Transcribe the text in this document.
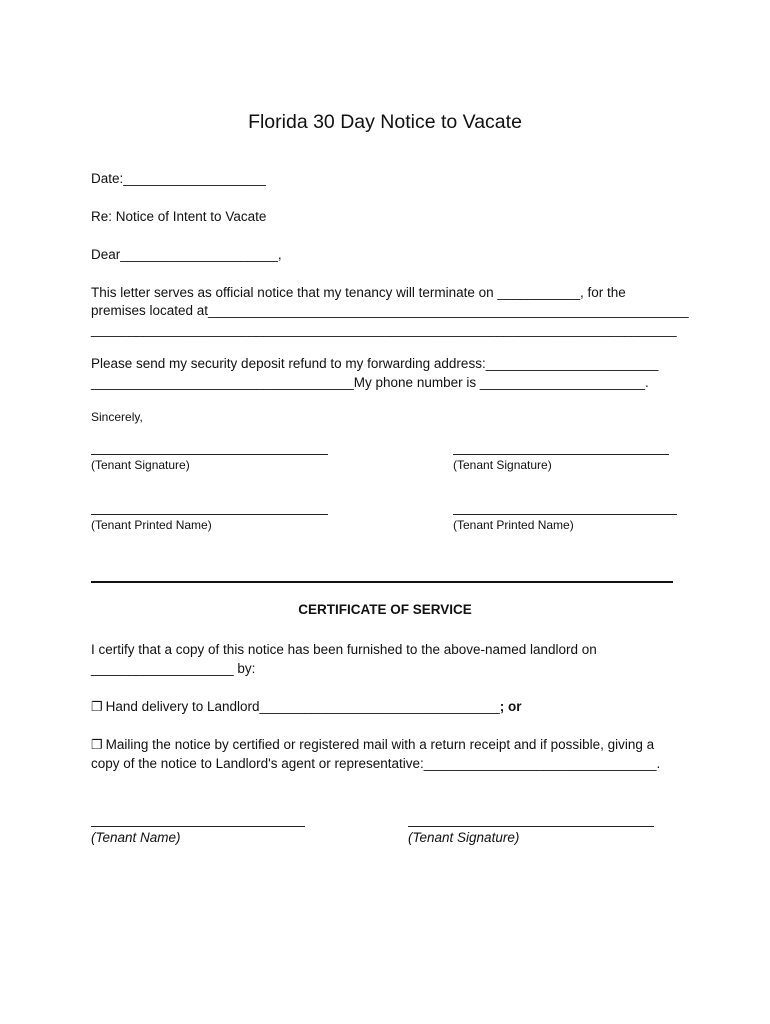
Florida 30 Day Notice to Vacate
Date:___________________
Re: Notice of Intent to Vacate
Dear_____________________,
This letter serves as official notice that my tenancy will terminate on ___________, for the
premises located at________________________________________________________________
______________________________________________________________________________
Please send my security deposit refund to my forwarding address:_______________________
___________________________________My phone number is ______________________.
Sincerely,
(Tenant Signature)	(Tenant Signature)
(Tenant Printed Name)	(Tenant Printed Name)
CERTIFICATE OF SERVICE
I certify that a copy of this notice has been furnished to the above-named landlord on
___________________ by:
❐ Hand delivery to Landlord________________________________; or
❐ Mailing the notice by certified or registered mail with a return receipt and if possible, giving a
copy of the notice to Landlord's agent or representative:_______________________________.
(Tenant Name)	(Tenant Signature)
